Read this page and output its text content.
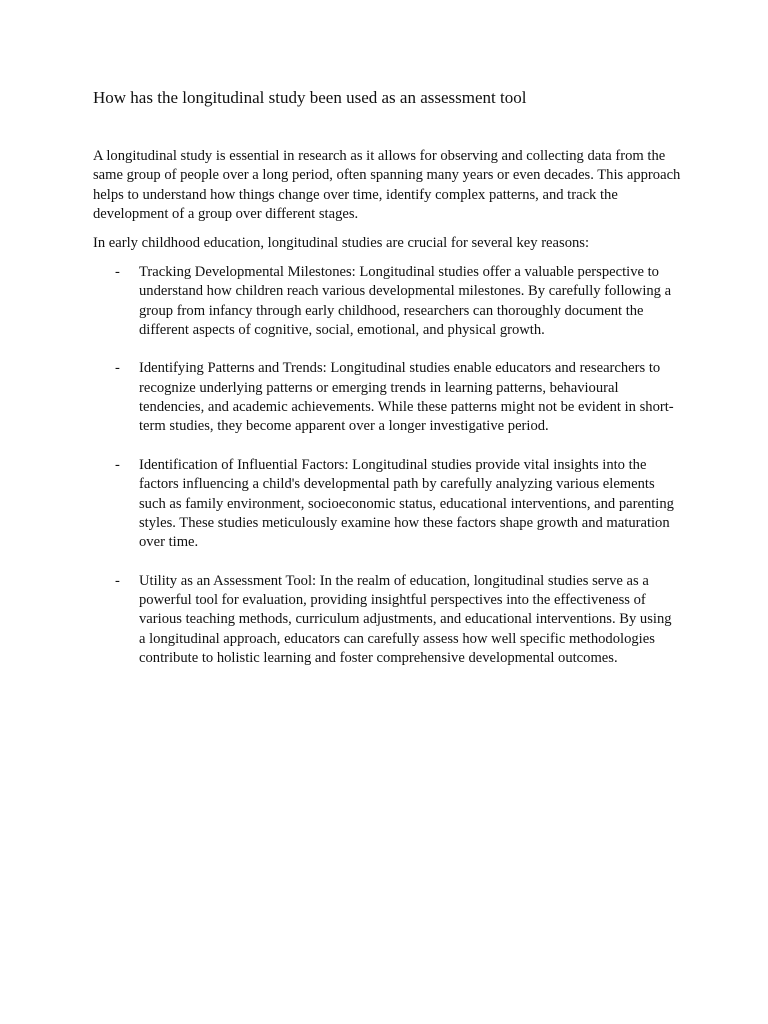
How has the longitudinal study been used as an assessment tool

A longitudinal study is essential in research as it allows for observing and collecting data from the same group of people over a long period, often spanning many years or even decades. This approach helps to understand how things change over time, identify complex patterns, and track the development of a group over different stages.

In early childhood education, longitudinal studies are crucial for several key reasons:

- Tracking Developmental Milestones: Longitudinal studies offer a valuable perspective to understand how children reach various developmental milestones. By carefully following a group from infancy through early childhood, researchers can thoroughly document the different aspects of cognitive, social, emotional, and physical growth.
- Identifying Patterns and Trends: Longitudinal studies enable educators and researchers to recognize underlying patterns or emerging trends in learning patterns, behavioural tendencies, and academic achievements. While these patterns might not be evident in short-term studies, they become apparent over a longer investigative period.
- Identification of Influential Factors: Longitudinal studies provide vital insights into the factors influencing a child's developmental path by carefully analyzing various elements such as family environment, socioeconomic status, educational interventions, and parenting styles. These studies meticulously examine how these factors shape growth and maturation over time.
- Utility as an Assessment Tool: In the realm of education, longitudinal studies serve as a powerful tool for evaluation, providing insightful perspectives into the effectiveness of various teaching methods, curriculum adjustments, and educational interventions. By using a longitudinal approach, educators can carefully assess how well specific methodologies contribute to holistic learning and foster comprehensive developmental outcomes.
